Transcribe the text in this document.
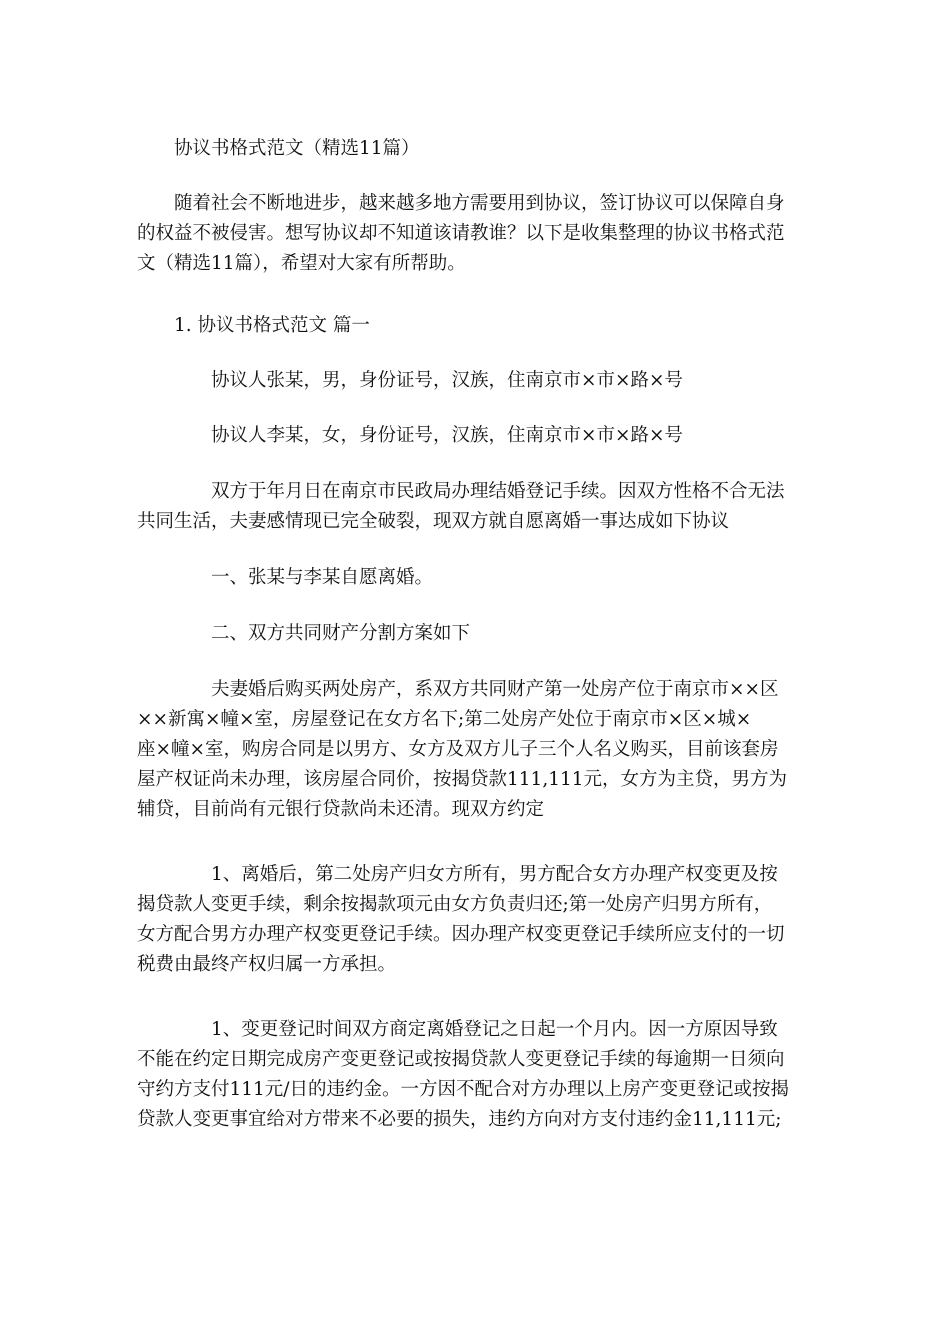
协议书格式范文（精选11篇）

随着社会不断地进步，越来越多地方需要用到协议，签订协议可以保障自身
的权益不被侵害。想写协议却不知道该请教谁？以下是收集整理的协议书格式范
文（精选11篇），希望对大家有所帮助。

1. 协议书格式范文 篇一

协议人张某，男，身份证号，汉族，住南京市×市×路×号

协议人李某，女，身份证号，汉族，住南京市×市×路×号

双方于年月日在南京市民政局办理结婚登记手续。因双方性格不合无法
共同生活，夫妻感情现已完全破裂，现双方就自愿离婚一事达成如下协议

一、张某与李某自愿离婚。

二、双方共同财产分割方案如下

夫妻婚后购买两处房产，系双方共同财产第一处房产位于南京市××区
××新寓×幢×室，房屋登记在女方名下;第二处房产处位于南京市×区×城×
座×幢×室，购房合同是以男方、女方及双方儿子三个人名义购买，目前该套房
屋产权证尚未办理，该房屋合同价，按揭贷款111,111元，女方为主贷，男方为
辅贷，目前尚有元银行贷款尚未还清。现双方约定

1、离婚后，第二处房产归女方所有，男方配合女方办理产权变更及按
揭贷款人变更手续，剩余按揭款项元由女方负责归还;第一处房产归男方所有，
女方配合男方办理产权变更登记手续。因办理产权变更登记手续所应支付的一切
税费由最终产权归属一方承担。

1、变更登记时间双方商定离婚登记之日起一个月内。因一方原因导致
不能在约定日期完成房产变更登记或按揭贷款人变更登记手续的每逾期一日须向
守约方支付111元/日的违约金。一方因不配合对方办理以上房产变更登记或按揭
贷款人变更事宜给对方带来不必要的损失，违约方向对方支付违约金11,111元;
